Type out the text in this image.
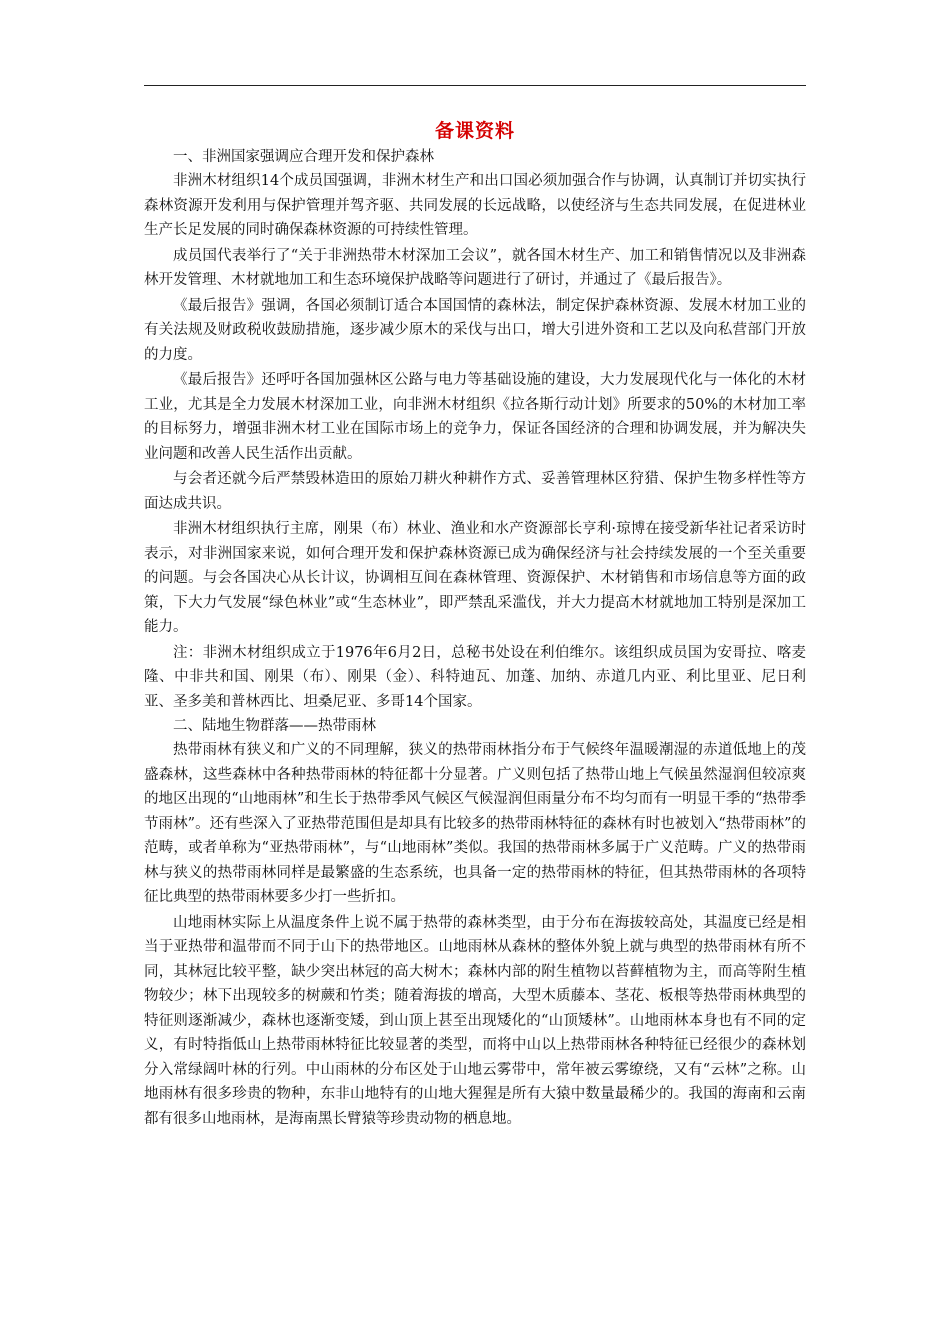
备课资料
一、非洲国家强调应合理开发和保护森林

非洲木材组织14个成员国强调，非洲木材生产和出口国必须加强合作与协调，认真制订并切实执行森林资源开发利用与保护管理并驾齐驱、共同发展的长远战略，以使经济与生态共同发展，在促进林业生产长足发展的同时确保森林资源的可持续性管理。

成员国代表举行了“关于非洲热带木材深加工会议”，就各国木材生产、加工和销售情况以及非洲森林开发管理、木材就地加工和生态环境保护战略等问题进行了研讨，并通过了《最后报告》。

《最后报告》强调，各国必须制订适合本国国情的森林法，制定保护森林资源、发展木材加工业的有关法规及财政税收鼓励措施，逐步减少原木的采伐与出口，增大引进外资和工艺以及向私营部门开放的力度。

《最后报告》还呼吁各国加强林区公路与电力等基础设施的建设，大力发展现代化与一体化的木材工业，尤其是全力发展木材深加工业，向非洲木材组织《拉各斯行动计划》所要求的50%的木材加工率的目标努力，增强非洲木材工业在国际市场上的竞争力，保证各国经济的合理和协调发展，并为解决失业问题和改善人民生活作出贡献。

与会者还就今后严禁毁林造田的原始刀耕火种耕作方式、妥善管理林区狩猎、保护生物多样性等方面达成共识。

非洲木材组织执行主席，刚果（布）林业、渔业和水产资源部长亨利·琼博在接受新华社记者采访时表示，对非洲国家来说，如何合理开发和保护森林资源已成为确保经济与社会持续发展的一个至关重要的问题。与会各国决心从长计议，协调相互间在森林管理、资源保护、木材销售和市场信息等方面的政策，下大力气发展“绿色林业”或“生态林业”，即严禁乱采滥伐，并大力提高木材就地加工特别是深加工能力。

注：非洲木材组织成立于1976年6月2日，总秘书处设在利伯维尔。该组织成员国为安哥拉、喀麦隆、中非共和国、刚果（布）、刚果（金）、科特迪瓦、加蓬、加纳、赤道几内亚、利比里亚、尼日利亚、圣多美和普林西比、坦桑尼亚、多哥14个国家。

二、陆地生物群落——热带雨林

热带雨林有狭义和广义的不同理解，狭义的热带雨林指分布于气候终年温暖潮湿的赤道低地上的茂盛森林，这些森林中各种热带雨林的特征都十分显著。广义则包括了热带山地上气候虽然湿润但较凉爽的地区出现的“山地雨林”和生长于热带季风气候区气候湿润但雨量分布不均匀而有一明显干季的“热带季节雨林”。还有些深入了亚热带范围但是却具有比较多的热带雨林特征的森林有时也被划入“热带雨林”的范畴，或者单称为“亚热带雨林”，与“山地雨林”类似。我国的热带雨林多属于广义范畴。广义的热带雨林与狭义的热带雨林同样是最繁盛的生态系统，也具备一定的热带雨林的特征，但其热带雨林的各项特征比典型的热带雨林要多少打一些折扣。

山地雨林实际上从温度条件上说不属于热带的森林类型，由于分布在海拔较高处，其温度已经是相当于亚热带和温带而不同于山下的热带地区。山地雨林从森林的整体外貌上就与典型的热带雨林有所不同，其林冠比较平整，缺少突出林冠的高大树木；森林内部的附生植物以苔藓植物为主，而高等附生植物较少；林下出现较多的树蕨和竹类；随着海拔的增高，大型木质藤本、茎花、板根等热带雨林典型的特征则逐渐减少，森林也逐渐变矮，到山顶上甚至出现矮化的“山顶矮林”。山地雨林本身也有不同的定义，有时特指低山上热带雨林特征比较显著的类型，而将中山以上热带雨林各种特征已经很少的森林划分入常绿阔叶林的行列。中山雨林的分布区处于山地云雾带中，常年被云雾缭绕，又有“云林”之称。山地雨林有很多珍贵的物种，东非山地特有的山地大猩猩是所有大猿中数量最稀少的。我国的海南和云南都有很多山地雨林，是海南黑长臂猿等珍贵动物的栖息地。
